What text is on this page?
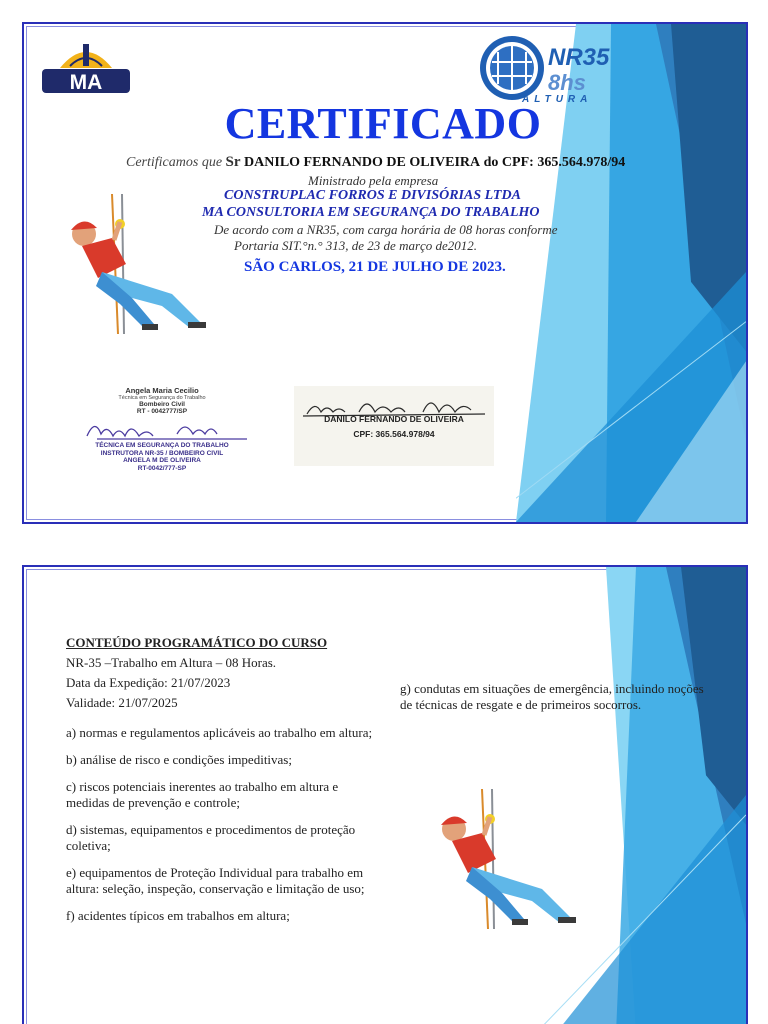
MA
NR35
8hs
ALTURA
CERTIFICADO
Certificamos que Sr DANILO FERNANDO DE OLIVEIRA do CPF: 365.564.978/94
Ministrado pela empresa
CONSTRUPLAC FORROS E DIVISÓRIAS LTDA
MA CONSULTORIA EM SEGURANÇA DO TRABALHO
De acordo com a NR35, com carga horária de 08 horas conforme
Portaria SIT.°n.° 313, de 23 de março de2012.
SÃO CARLOS, 21 DE JULHO DE 2023.
Angela Maria Cecilio
Técnica em Segurança do Trabalho
Bombeiro Civil
RT - 0042777/SP
TÉCNICA EM SEGURANÇA DO TRABALHO
INSTRUTORA NR-35 / BOMBEIRO CIVIL
ANGELA M DE OLIVEIRA
RT-0042/777-SP
DANILO FERNANDO DE OLIVEIRA
CPF: 365.564.978/94
CONTEÚDO PROGRAMÁTICO DO CURSO
NR-35 –Trabalho em Altura – 08 Horas.
Data da Expedição: 21/07/2023
Validade: 21/07/2025
a) normas e regulamentos aplicáveis ao trabalho em altura;
b) análise de risco e condições impeditivas;
c) riscos potenciais inerentes ao trabalho em altura e medidas de prevenção e controle;
d) sistemas, equipamentos e procedimentos de proteção coletiva;
e) equipamentos de Proteção Individual para trabalho em altura: seleção, inspeção, conservação e limitação de uso;
f) acidentes típicos em trabalhos em altura;
g) condutas em situações de emergência, incluindo noções de técnicas de resgate e de primeiros socorros.
